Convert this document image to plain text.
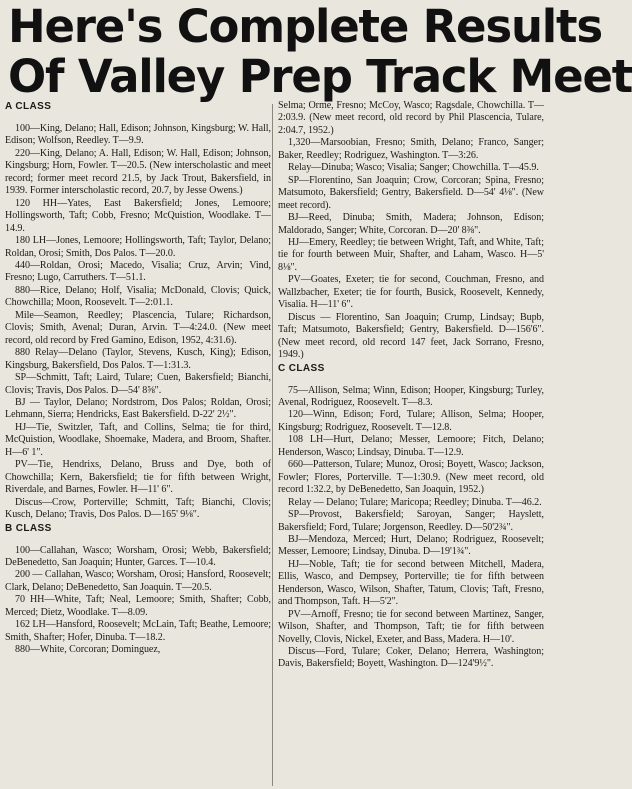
Here's Complete Results
Of Valley Prep Track Meet

A CLASS

100—King, Delano; Hall, Edison; Johnson, Kingsburg; W. Hall, Edison; Wolfson, Reedley. T—9.9.

220—King, Delano; A. Hall, Edison; W. Hall, Edison; Johnson, Kingsburg; Horn, Fowler. T—20.5. (New interscholastic and meet record; former meet record 21.5, by Jack Trout, Bakersfield, in 1939. Former interscholastic record, 20.7, by Jesse Owens.)

120 HH—Yates, East Bakersfield; Jones, Lemoore; Hollingsworth, Taft; Cobb, Fresno; McQuistion, Woodlake. T—14.9.

180 LH—Jones, Lemoore; Hollingsworth, Taft; Taylor, Delano; Roldan, Orosi; Smith, Dos Palos. T—20.0.

440—Roldan, Orosi; Macedo, Visalia; Cruz, Arvin; Vind, Fresno; Lugo, Carruthers. T—51.1.

880—Rice, Delano; Holf, Visalia; McDonald, Clovis; Quick, Chowchilla; Moon, Roosevelt. T—2:01.1.

Mile—Seamon, Reedley; Plascencia, Tulare; Richardson, Clovis; Smith, Avenal; Duran, Arvin. T—4:24.0. (New meet record, old record by Fred Gamino, Edison, 1952, 4:31.6).

880 Relay—Delano (Taylor, Stevens, Kusch, King); Edison, Kingsburg, Bakersfield, Dos Palos. T—1:31.3.

SP—Schmitt, Taft; Laird, Tulare; Cuen, Bakersfield; Bianchi, Clovis; Travis, Dos Palos. D—54' 8⅝".

BJ — Taylor, Delano; Nordstrom, Dos Palos; Roldan, Orosi; Lehmann, Sierra; Hendricks, East Bakersfield. D-22' 2½".

HJ—Tie, Switzler, Taft, and Collins, Selma; tie for third, McQuistion, Woodlake, Shoemake, Madera, and Broom, Shafter. H—6' 1".

PV—Tie, Hendrixs, Delano, Bruss and Dye, both of Chowchilla; Kern, Bakersfield; tie for fifth between Wright, Riverdale, and Barnes, Fowler. H—11' 6".

Discus—Crow, Porterville; Schmitt, Taft; Bianchi, Clovis; Kusch, Delano; Travis, Dos Palos. D—165' 9⅛".

B CLASS

100—Callahan, Wasco; Worsham, Orosi; Webb, Bakersfield; DeBenedetto, San Joaquin; Hunter, Garces. T—10.4.

200 — Callahan, Wasco; Worsham, Orosi; Hansford, Roosevelt; Clark, Delano; DeBenedetto, San Joaquin. T—20.5.

70 HH—White, Taft; Neal, Lemoore; Smith, Shafter; Cobb, Merced; Dietz, Woodlake. T—8.09.

162 LH—Hansford, Roosevelt; McLain, Taft; Beathe, Lemoore; Smith, Shafter; Hofer, Dinuba. T—18.2.

880—White, Corcoran; Dominguez,

Selma; Orme, Fresno; McCoy, Wasco; Ragsdale, Chowchilla. T—2:03.9. (New meet record, old record by Phil Plascencia, Tulare, 2:04.7, 1952.)

1,320—Marsoobian, Fresno; Smith, Delano; Franco, Sanger; Baker, Reedley; Rodriguez, Washington. T—3:26.

Relay—Dinuba; Wasco; Visalia; Sanger; Chowchilla. T—45.9.

SP—Florentino, San Joaquin; Crow, Corcoran; Spina, Fresno; Matsumoto, Bakersfield; Gentry, Bakersfield. D—54' 4⅛". (New meet record).

BJ—Reed, Dinuba; Smith, Madera; Johnson, Edison; Maldorado, Sanger; White, Corcoran. D—20' 8⅜".

HJ—Emery, Reedley; tie between Wright, Taft, and White, Taft; tie for fourth between Muir, Shafter, and Laham, Wasco. H—5' 8⅛".

PV—Goates, Exeter; tie for second, Couchman, Fresno, and Wallzbacher, Exeter; tie for fourth, Busick, Roosevelt, Kennedy, Visalia. H—11' 6".

Discus — Florentino, San Joaquin; Crump, Lindsay; Bupb, Taft; Matsumoto, Bakersfield; Gentry, Bakersfield. D—156'6". (New meet record, old record 147 feet, Jack Sorrano, Fresno, 1949.)

C CLASS

75—Allison, Selma; Winn, Edison; Hooper, Kingsburg; Turley, Avenal, Rodriguez, Roosevelt. T—8.3.

120—Winn, Edison; Ford, Tulare; Allison, Selma; Hooper, Kingsburg; Rodriguez, Roosevelt. T—12.8.

108 LH—Hurt, Delano; Messer, Lemoore; Fitch, Delano; Henderson, Wasco; Lindsay, Dinuba. T—12.9.

660—Patterson, Tulare; Munoz, Orosi; Boyett, Wasco; Jackson, Fowler; Flores, Porterville. T—1:30.9. (New meet record, old record 1:32.2, by DeBenedetto, San Joaquin, 1952.)

Relay — Delano; Tulare; Maricopa; Reedley; Dinuba. T—46.2.

SP—Provost, Bakersfield; Saroyan, Sanger; Hayslett, Bakersfield; Ford, Tulare; Jorgenson, Reedley. D—50'2¾".

BJ—Mendoza, Merced; Hurt, Delano; Rodriguez, Roosevelt; Messer, Lemoore; Lindsay, Dinuba. D—19'1¾".

HJ—Noble, Taft; tie for second between Mitchell, Madera, Ellis, Wasco, and Dempsey, Porterville; tie for fifth between Henderson, Wasco, Wilson, Shafter, Tatum, Clovis; Taft, Fresno, and Thompson, Taft. H—5'2".

PV—Arnoff, Fresno; tie for second between Martinez, Sanger, Wilson, Shafter, and Thompson, Taft; tie for fifth between Novelly, Clovis, Nickel, Exeter, and Bass, Madera. H—10'.

Discus—Ford, Tulare; Coker, Delano; Herrera, Washington; Davis, Bakersfield; Boyett, Washington. D—124'9½".
